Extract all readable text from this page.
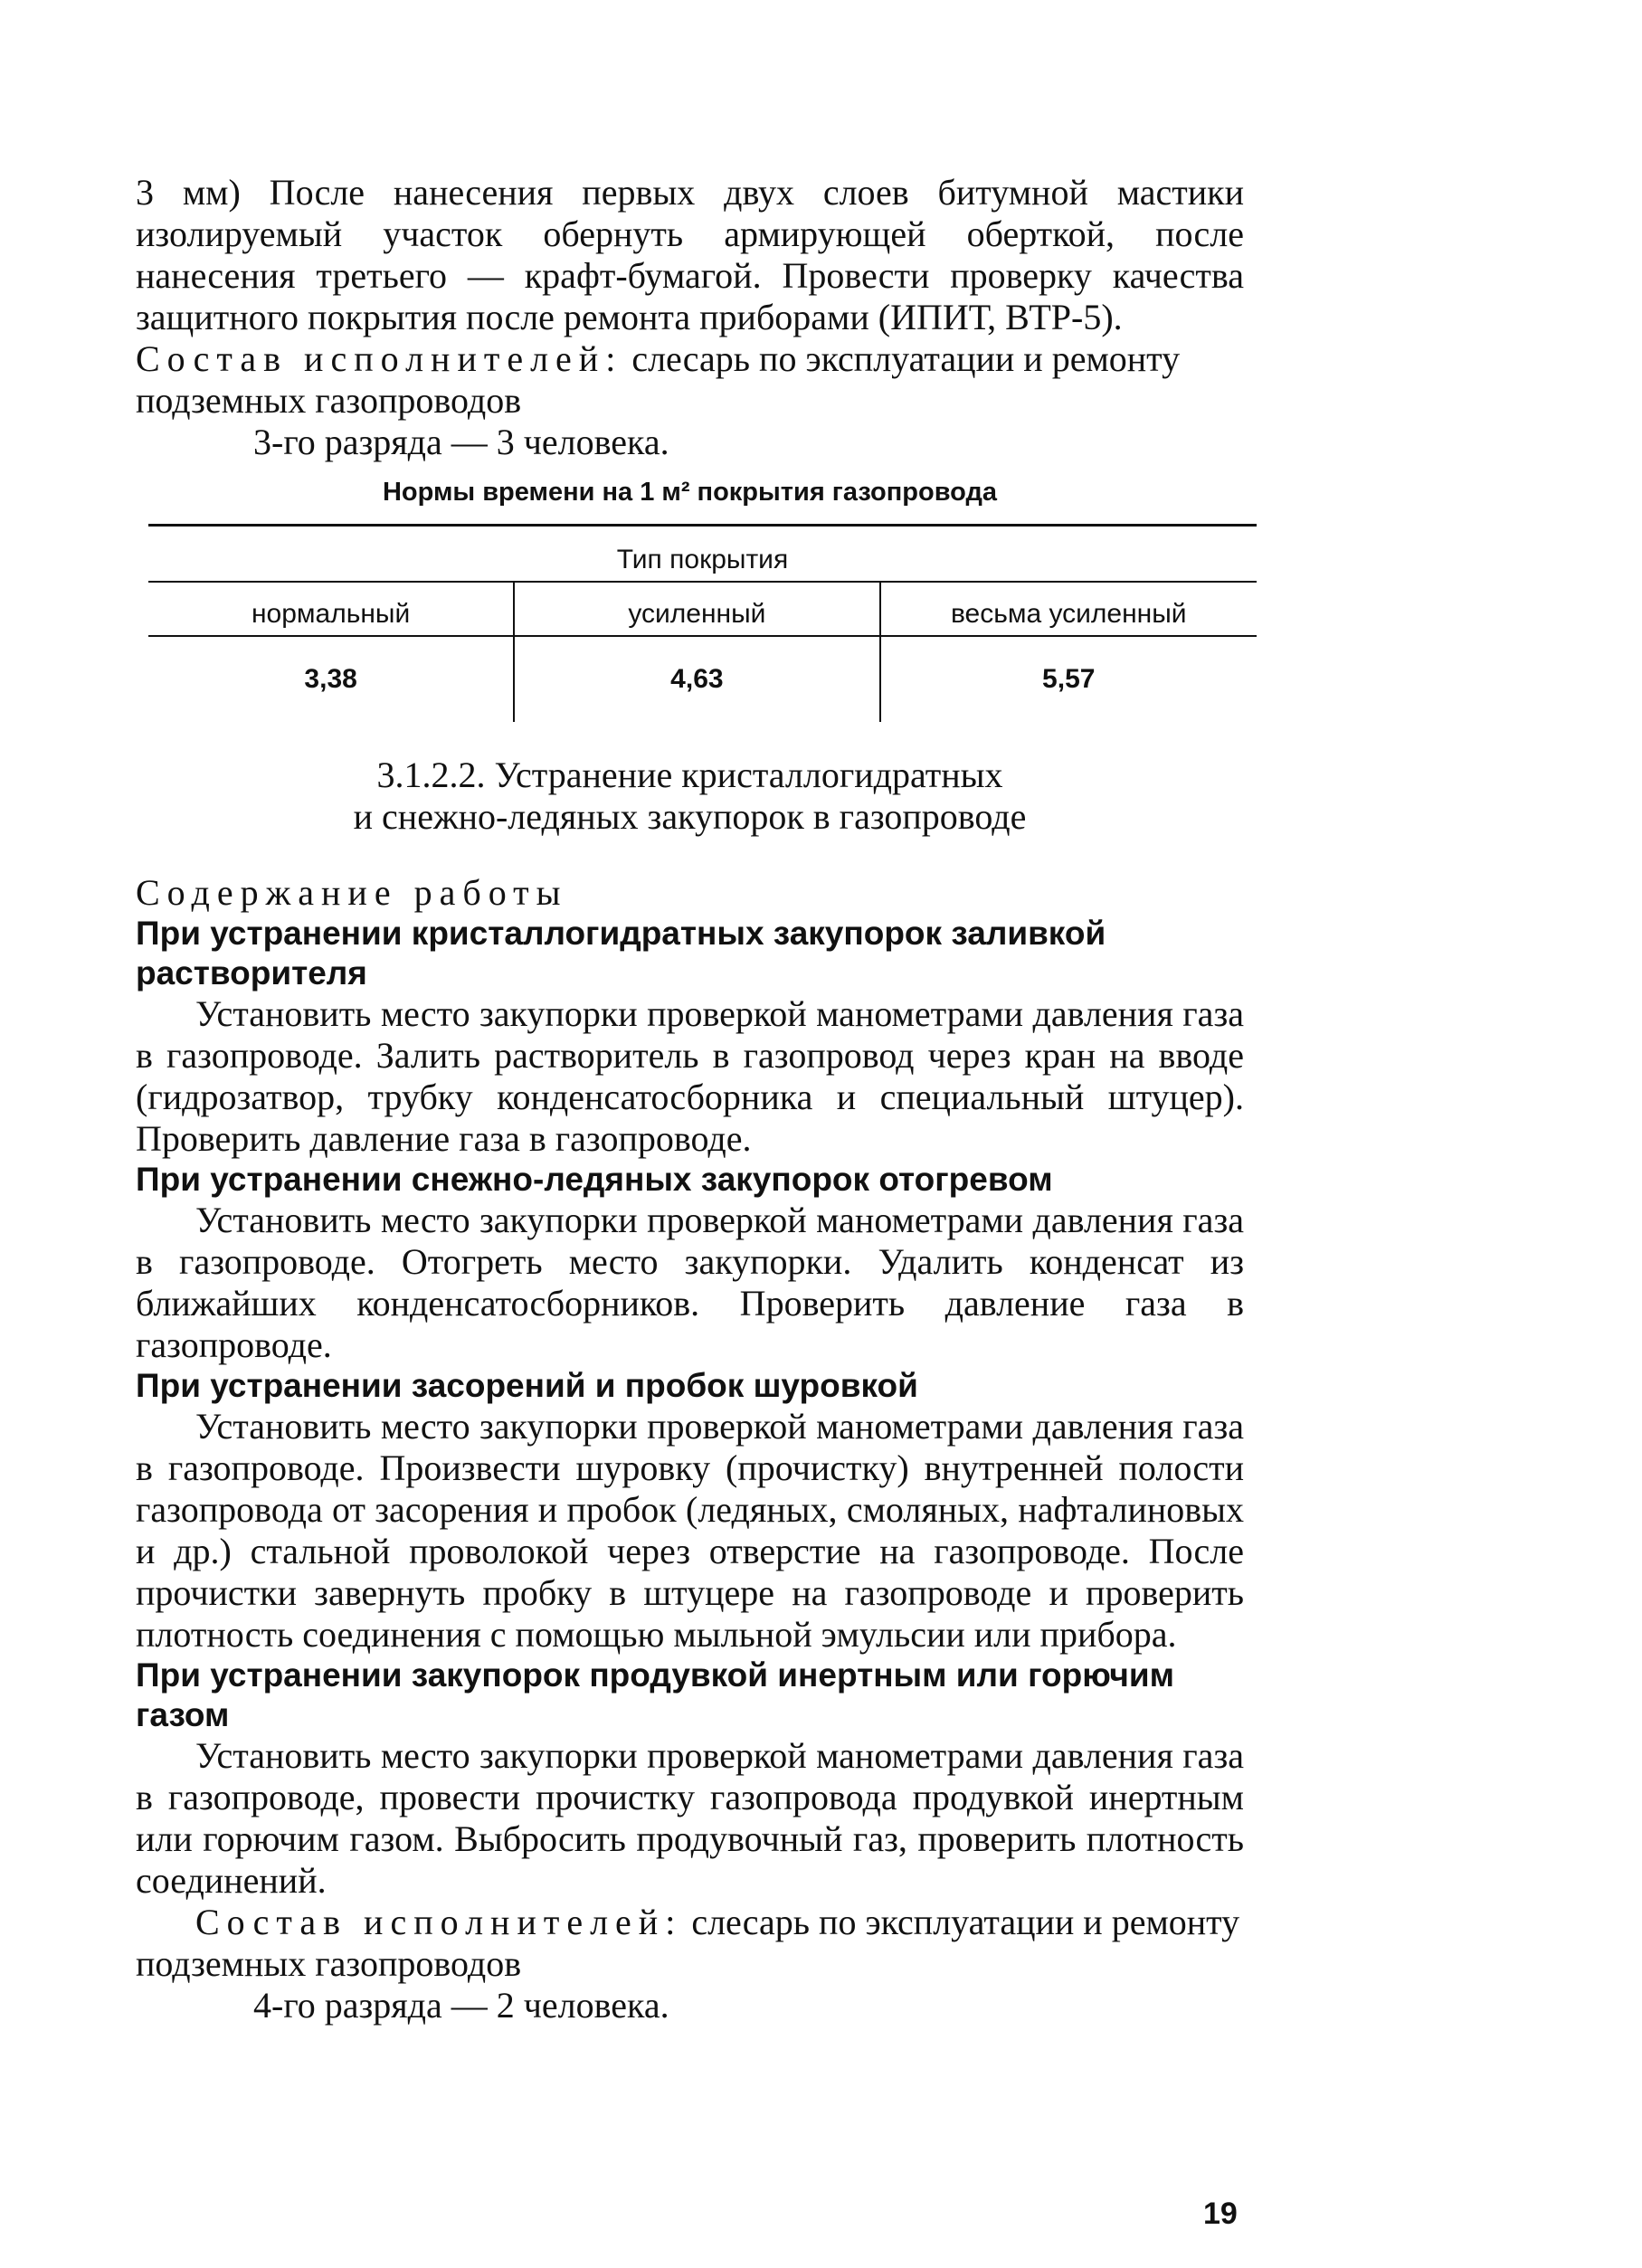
3 мм) После нанесения первых двух слоев битумной мастики изолируемый участок обернуть армирующей оберткой, после нанесения третьего — крафт-бумагой. Провести проверку качества защитного покрытия после ремонта приборами (ИПИТ, ВТР-5).

Состав исполнителей: слесарь по эксплуатации и ремонту подземных газопроводов

3-го разряда — 3 человека.

Нормы времени на 1 м² покрытия газопровода
Тип покрытия		
нормальный	усиленный	весьма усиленный
3,38	4,63	5,57
3.1.2.2. Устранение кристаллогидратных
и снежно-ледяных закупорок в газопроводе

Содержание работы

При устранении кристаллогидратных закупорок заливкой растворителя

Установить место закупорки проверкой манометрами давления газа в газопроводе. Залить растворитель в газопровод через кран на вводе (гидрозатвор, трубку конденсатосборника и специальный штуцер). Проверить давление газа в газопроводе.

При устранении снежно-ледяных закупорок отогревом

Установить место закупорки проверкой манометрами давления газа в газопроводе. Отогреть место закупорки. Удалить конденсат из ближайших конденсатосборников. Проверить давление газа в газопроводе.

При устранении засорений и пробок шуровкой

Установить место закупорки проверкой манометрами давления газа в газопроводе. Произвести шуровку (прочистку) внутренней полости газопровода от засорения и пробок (ледяных, смоляных, нафталиновых и др.) стальной проволокой через отверстие на газопроводе. После прочистки завернуть пробку в штуцере на газопроводе и проверить плотность соединения с помощью мыльной эмульсии или прибора.

При устранении закупорок продувкой инертным или горючим газом

Установить место закупорки проверкой манометрами давления газа в газопроводе, провести прочистку газопровода продувкой инертным или горючим газом. Выбросить продувочный газ, проверить плотность соединений.

Состав исполнителей: слесарь по эксплуатации и ремонту подземных газопроводов

4-го разряда — 2 человека.

19
